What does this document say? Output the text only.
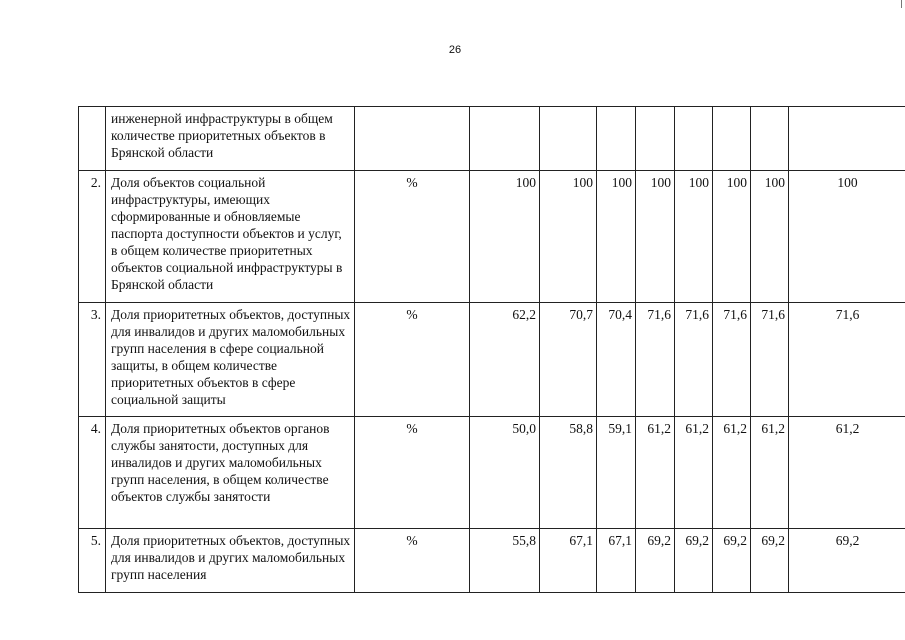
26
	инженерной инфраструктуры в общем количестве приоритетных объектов в Брянской области									
2.	Доля объектов социальной инфраструктуры, имеющих сформированные и обновляемые паспорта доступности объектов и услуг, в общем количестве приоритетных объектов социальной инфраструктуры в Брянской области	%	100	100	100	100	100	100	100	100
3.	Доля приоритетных объектов, доступных для инвалидов и других маломобильных групп населения в сфере социальной защиты, в общем количестве приоритетных объектов в сфере социальной защиты	%	62,2	70,7	70,4	71,6	71,6	71,6	71,6	71,6
4.	Доля приоритетных объектов органов службы занятости, доступных для инвалидов и других маломобильных групп населения, в общем количестве объектов службы занятости	%	50,0	58,8	59,1	61,2	61,2	61,2	61,2	61,2
5.	Доля приоритетных объектов, доступных для инвалидов и других маломобильных групп населения	%	55,8	67,1	67,1	69,2	69,2	69,2	69,2	69,2
